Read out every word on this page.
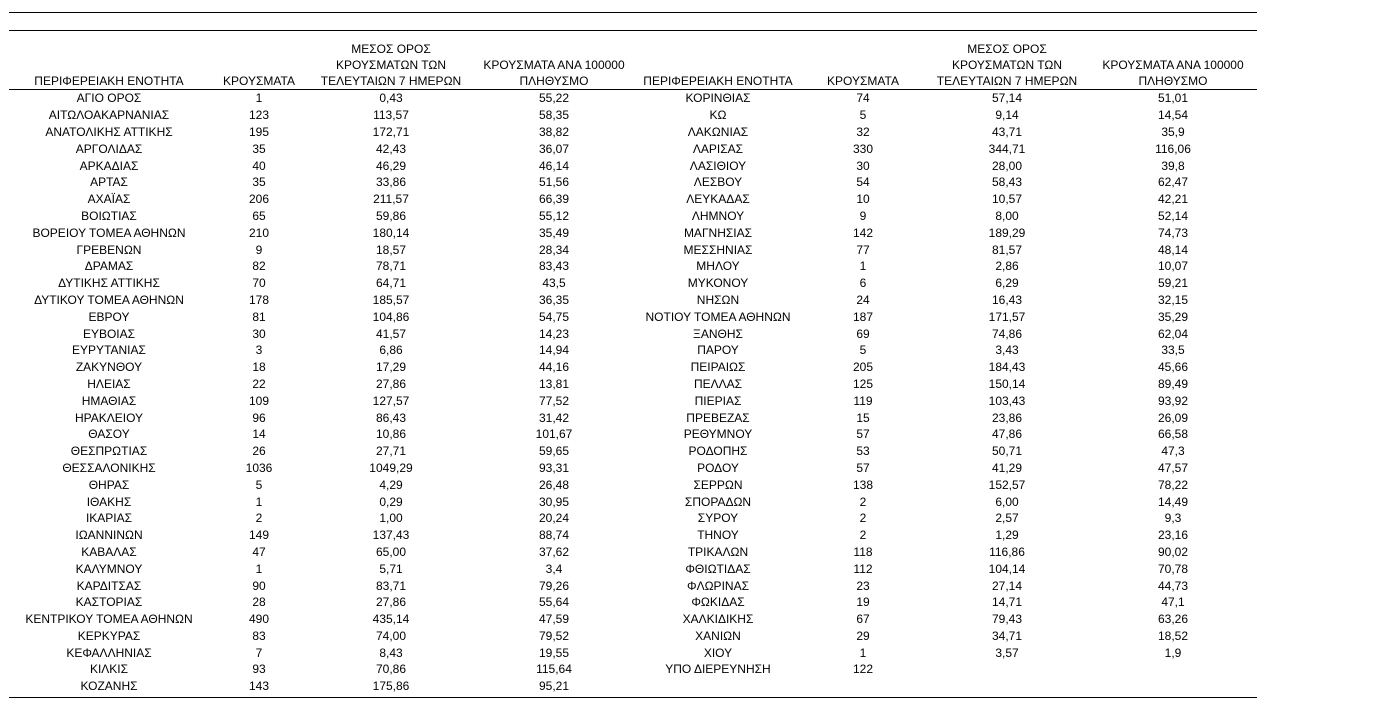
ΠΕΡΙΦΕΡΕΙΑΚΗ ΕΝΟΤΗΤΑ	ΚΡΟΥΣΜΑΤΑ	ΜΕΣΟΣ ΟΡΟΣ
ΚΡΟΥΣΜΑΤΩΝ ΤΩΝ
ΤΕΛΕΥΤΑΙΩΝ 7 ΗΜΕΡΩΝ	ΚΡΟΥΣΜΑΤΑ ΑΝΑ 100000
ΠΛΗΘΥΣΜΟ	ΠΕΡΙΦΕΡΕΙΑΚΗ ΕΝΟΤΗΤΑ	ΚΡΟΥΣΜΑΤΑ	ΜΕΣΟΣ ΟΡΟΣ
ΚΡΟΥΣΜΑΤΩΝ ΤΩΝ
ΤΕΛΕΥΤΑΙΩΝ 7 ΗΜΕΡΩΝ	ΚΡΟΥΣΜΑΤΑ ΑΝΑ 100000
ΠΛΗΘΥΣΜΟ

ΑΓΙΟ ΟΡΟΣ	1	0,43	55,22	ΚΟΡΙΝΘΙΑΣ	74	57,14	51,01
ΑΙΤΩΛΟΑΚΑΡΝΑΝΙΑΣ	123	113,57	58,35	ΚΩ	5	9,14	14,54
ΑΝΑΤΟΛΙΚΗΣ ΑΤΤΙΚΗΣ	195	172,71	38,82	ΛΑΚΩΝΙΑΣ	32	43,71	35,9
ΑΡΓΟΛΙΔΑΣ	35	42,43	36,07	ΛΑΡΙΣΑΣ	330	344,71	116,06
ΑΡΚΑΔΙΑΣ	40	46,29	46,14	ΛΑΣΙΘΙΟΥ	30	28,00	39,8
ΑΡΤΑΣ	35	33,86	51,56	ΛΕΣΒΟΥ	54	58,43	62,47
ΑΧΑΪΑΣ	206	211,57	66,39	ΛΕΥΚΑΔΑΣ	10	10,57	42,21
ΒΟΙΩΤΙΑΣ	65	59,86	55,12	ΛΗΜΝΟΥ	9	8,00	52,14
ΒΟΡΕΙΟΥ ΤΟΜΕΑ ΑΘΗΝΩΝ	210	180,14	35,49	ΜΑΓΝΗΣΙΑΣ	142	189,29	74,73
ΓΡΕΒΕΝΩΝ	9	18,57	28,34	ΜΕΣΣΗΝΙΑΣ	77	81,57	48,14
ΔΡΑΜΑΣ	82	78,71	83,43	ΜΗΛΟΥ	1	2,86	10,07
ΔΥΤΙΚΗΣ ΑΤΤΙΚΗΣ	70	64,71	43,5	ΜΥΚΟΝΟΥ	6	6,29	59,21
ΔΥΤΙΚΟΥ ΤΟΜΕΑ ΑΘΗΝΩΝ	178	185,57	36,35	ΝΗΣΩΝ	24	16,43	32,15
ΕΒΡΟΥ	81	104,86	54,75	ΝΟΤΙΟΥ ΤΟΜΕΑ ΑΘΗΝΩΝ	187	171,57	35,29
ΕΥΒΟΙΑΣ	30	41,57	14,23	ΞΑΝΘΗΣ	69	74,86	62,04
ΕΥΡΥΤΑΝΙΑΣ	3	6,86	14,94	ΠΑΡΟΥ	5	3,43	33,5
ΖΑΚΥΝΘΟΥ	18	17,29	44,16	ΠΕΙΡΑΙΩΣ	205	184,43	45,66
ΗΛΕΙΑΣ	22	27,86	13,81	ΠΕΛΛΑΣ	125	150,14	89,49
ΗΜΑΘΙΑΣ	109	127,57	77,52	ΠΙΕΡΙΑΣ	119	103,43	93,92
ΗΡΑΚΛΕΙΟΥ	96	86,43	31,42	ΠΡΕΒΕΖΑΣ	15	23,86	26,09
ΘΑΣΟΥ	14	10,86	101,67	ΡΕΘΥΜΝΟΥ	57	47,86	66,58
ΘΕΣΠΡΩΤΙΑΣ	26	27,71	59,65	ΡΟΔΟΠΗΣ	53	50,71	47,3
ΘΕΣΣΑΛΟΝΙΚΗΣ	1036	1049,29	93,31	ΡΟΔΟΥ	57	41,29	47,57
ΘΗΡΑΣ	5	4,29	26,48	ΣΕΡΡΩΝ	138	152,57	78,22
ΙΘΑΚΗΣ	1	0,29	30,95	ΣΠΟΡΑΔΩΝ	2	6,00	14,49
ΙΚΑΡΙΑΣ	2	1,00	20,24	ΣΥΡΟΥ	2	2,57	9,3
ΙΩΑΝΝΙΝΩΝ	149	137,43	88,74	ΤΗΝΟΥ	2	1,29	23,16
ΚΑΒΑΛΑΣ	47	65,00	37,62	ΤΡΙΚΑΛΩΝ	118	116,86	90,02
ΚΑΛΥΜΝΟΥ	1	5,71	3,4	ΦΘΙΩΤΙΔΑΣ	112	104,14	70,78
ΚΑΡΔΙΤΣΑΣ	90	83,71	79,26	ΦΛΩΡΙΝΑΣ	23	27,14	44,73
ΚΑΣΤΟΡΙΑΣ	28	27,86	55,64	ΦΩΚΙΔΑΣ	19	14,71	47,1
ΚΕΝΤΡΙΚΟΥ ΤΟΜΕΑ ΑΘΗΝΩΝ	490	435,14	47,59	ΧΑΛΚΙΔΙΚΗΣ	67	79,43	63,26
ΚΕΡΚΥΡΑΣ	83	74,00	79,52	ΧΑΝΙΩΝ	29	34,71	18,52
ΚΕΦΑΛΛΗΝΙΑΣ	7	8,43	19,55	ΧΙΟΥ	1	3,57	1,9
ΚΙΛΚΙΣ	93	70,86	115,64	ΥΠΟ ΔΙΕΡΕΥΝΗΣΗ	122		
ΚΟΖΑΝΗΣ	143	175,86	95,21				
